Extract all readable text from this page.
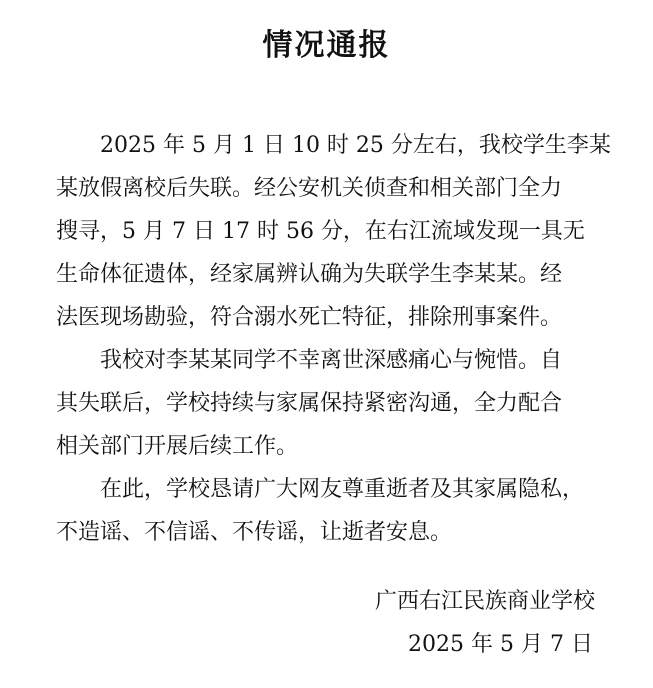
情况通报

2025 年 5 月 1 日 10 时 25 分左右，我校学生李某

某放假离校后失联。经公安机关侦查和相关部门全力

搜寻，5 月 7 日 17 时 56 分，在右江流域发现一具无

生命体征遗体，经家属辨认确为失联学生李某某。经

法医现场勘验，符合溺水死亡特征，排除刑事案件。

我校对李某某同学不幸离世深感痛心与惋惜。自

其失联后，学校持续与家属保持紧密沟通，全力配合

相关部门开展后续工作。

在此，学校恳请广大网友尊重逝者及其家属隐私，

不造谣、不信谣、不传谣，让逝者安息。

广西右江民族商业学校
2025 年 5 月 7 日
